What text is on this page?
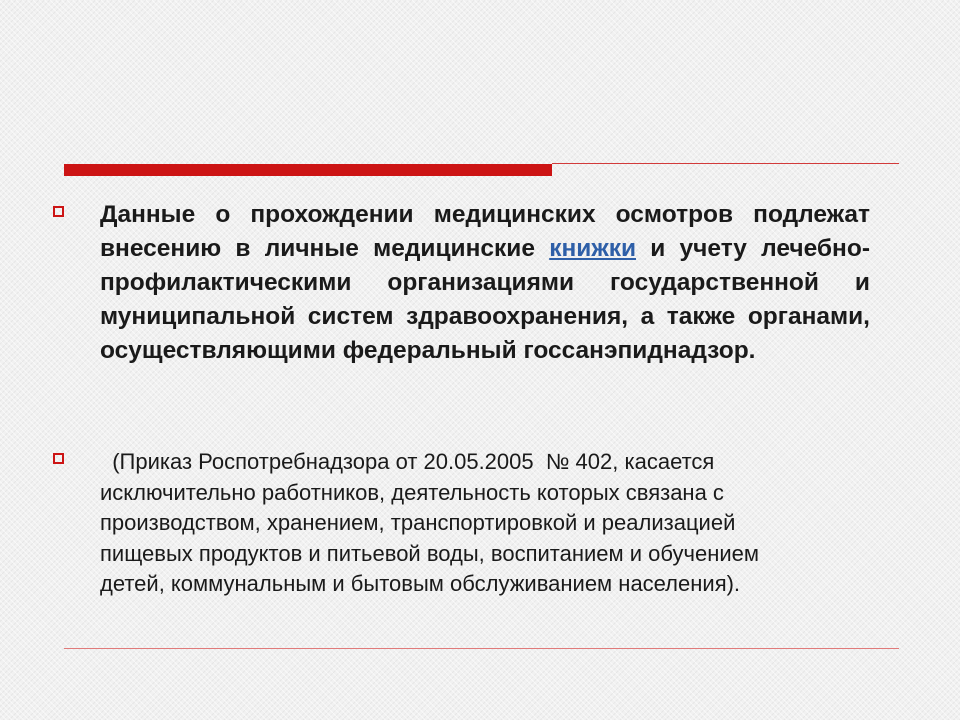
Данные о прохождении медицинских осмотров подлежат внесению в личные медицинские книжки и учету лечебно-профилактическими организациями государственной и муниципальной систем здравоохранения, а также органами, осуществляющими федеральный госсанэпиднадзор.
(Приказ Роспотребнадзора от 20.05.2005  № 402, касается
исключительно работников, деятельность которых связана с
производством, хранением, транспортировкой и реализацией
пищевых продуктов и питьевой воды, воспитанием и обучением
детей, коммунальным и бытовым обслуживанием населения).
